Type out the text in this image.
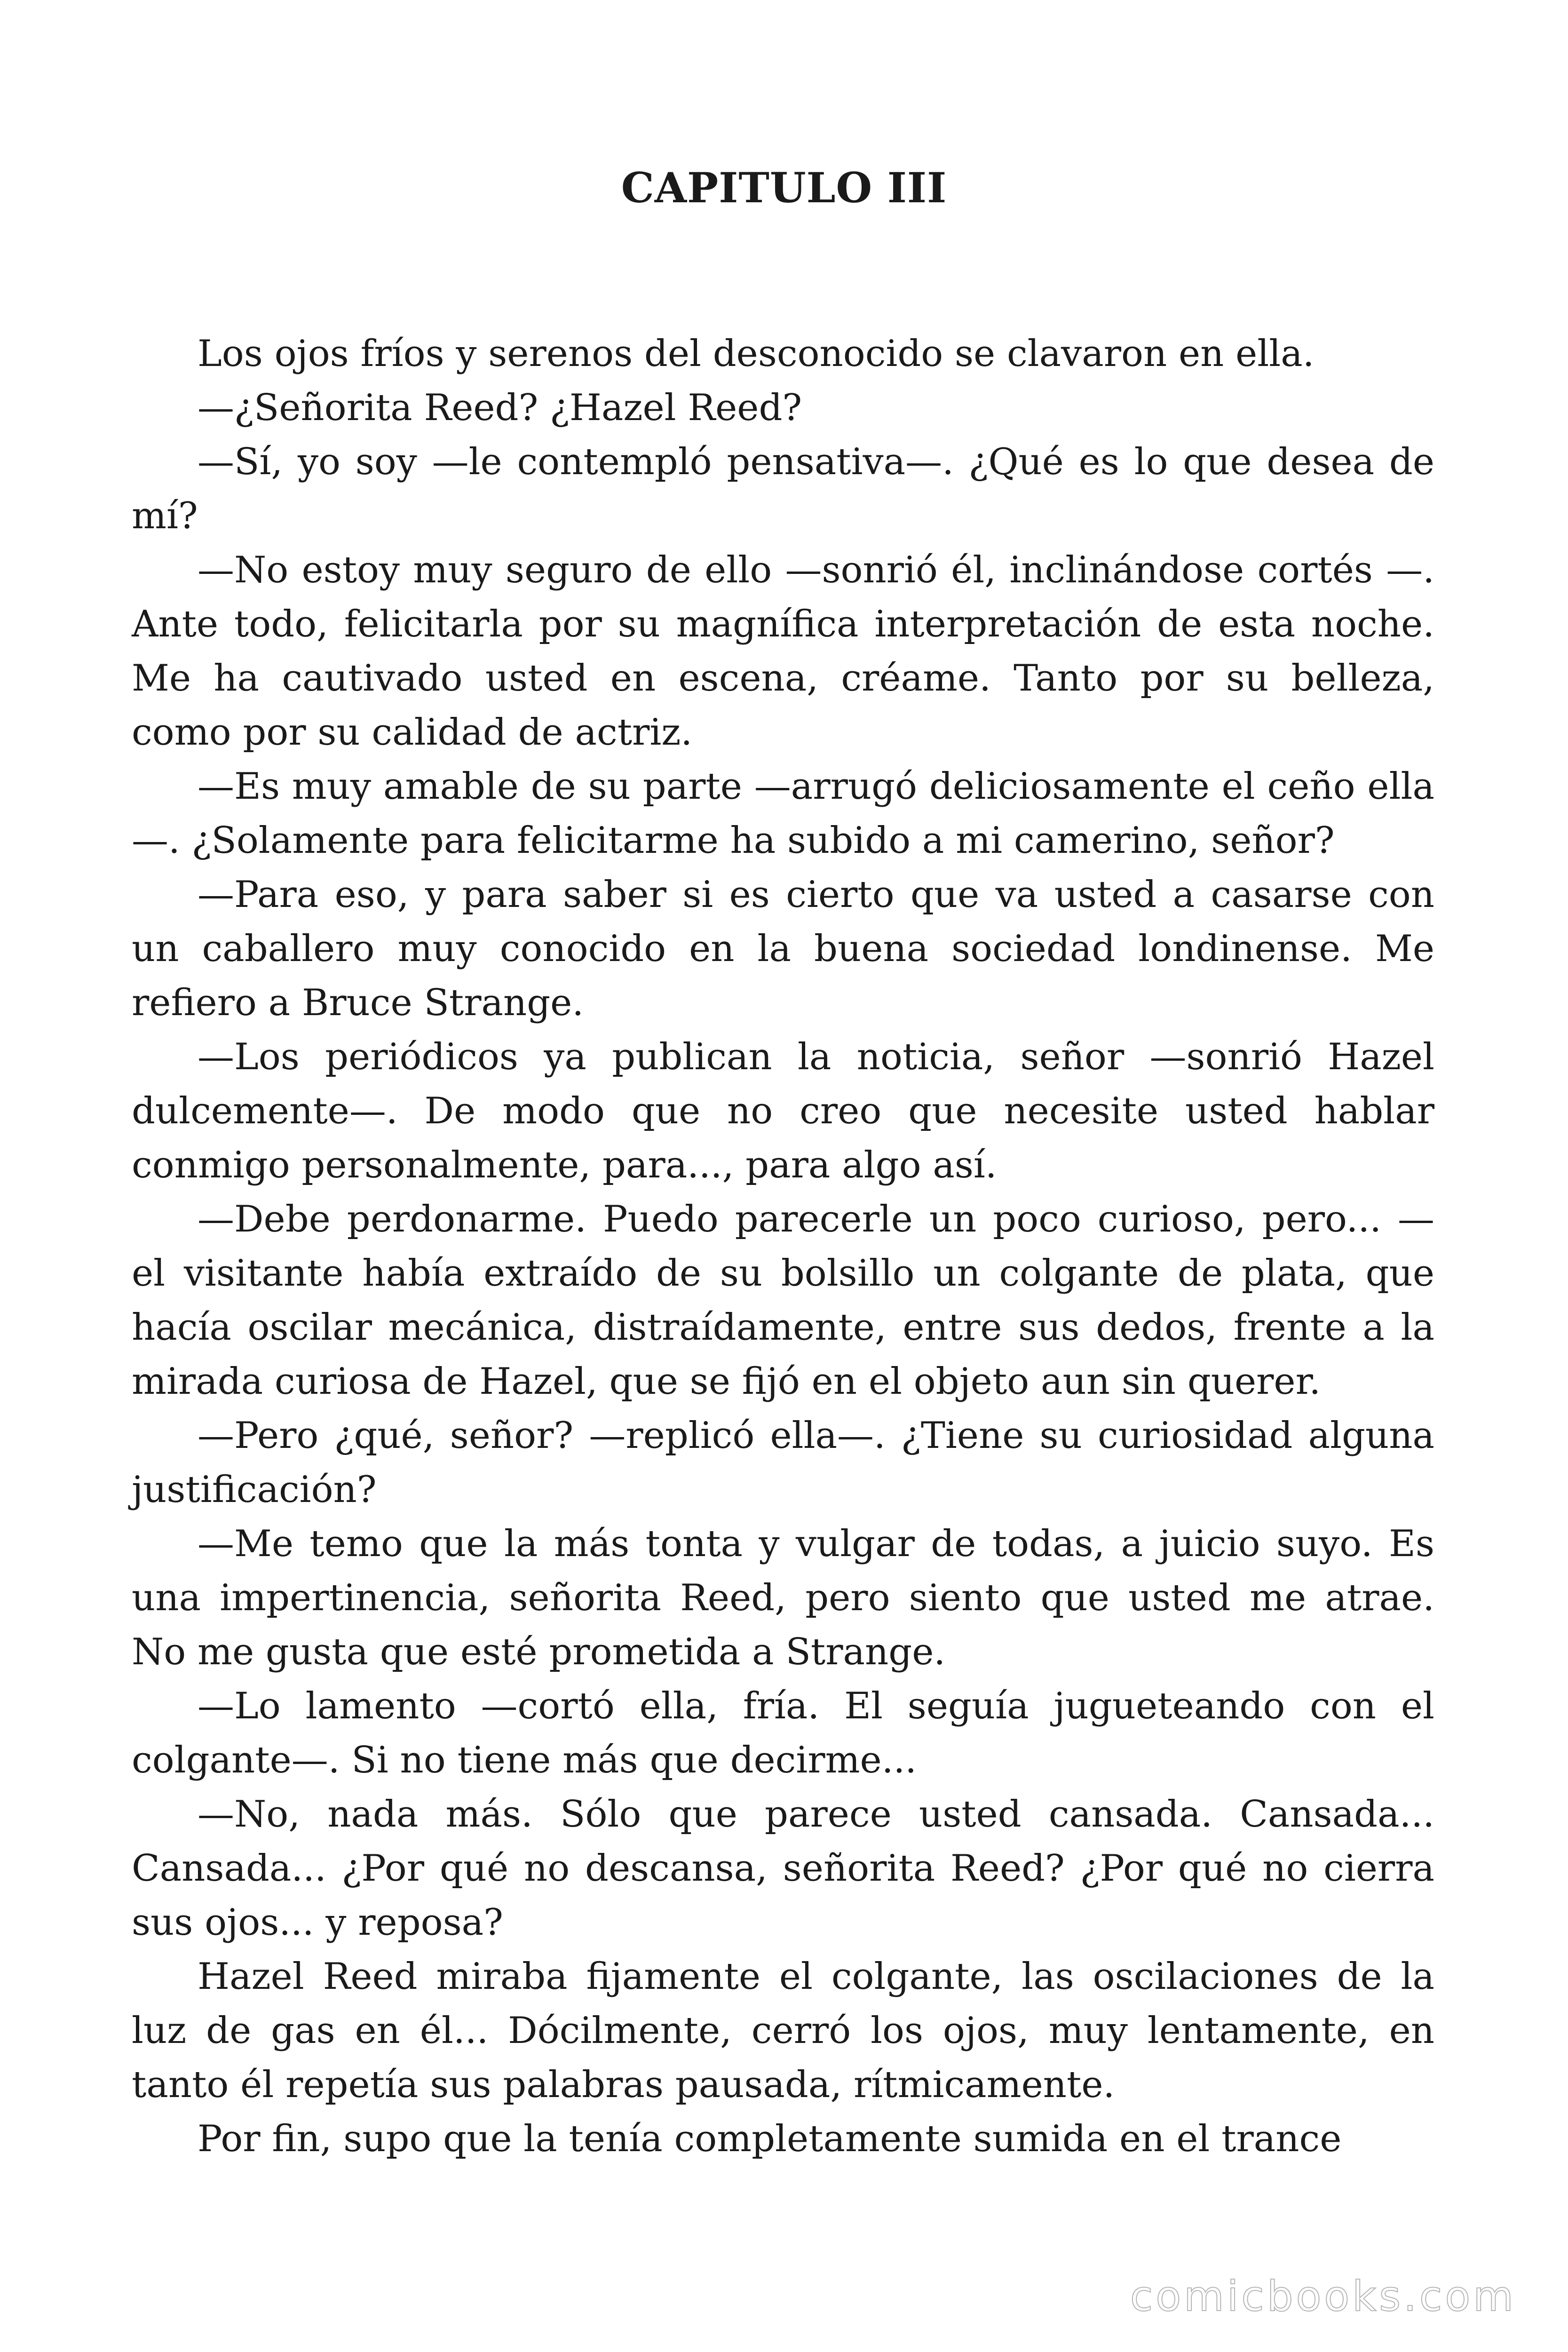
CAPITULO III

Los ojos fríos y serenos del desconocido se clavaron en ella.

—¿Señorita Reed? ¿Hazel Reed?

—Sí, yo soy —le contempló pensativa—. ¿Qué es lo que desea de mí?

—No estoy muy seguro de ello —sonrió él, inclinándose cortés —. Ante todo, felicitarla por su magnífica interpretación de esta noche. Me ha cautivado usted en escena, créame. Tanto por su belleza, como por su calidad de actriz.

—Es muy amable de su parte —arrugó deliciosamente el ceño ella—. ¿Solamente para felicitarme ha subido a mi camerino, señor?

—Para eso, y para saber si es cierto que va usted a casarse con un caballero muy conocido en la buena sociedad londinense. Me refiero a Bruce Strange.

—Los periódicos ya publican la noticia, señor —sonrió Hazel dulcemente—. De modo que no creo que necesite usted hablar conmigo personalmente, para..., para algo así.

—Debe perdonarme. Puedo parecerle un poco curioso, pero... — el visitante había extraído de su bolsillo un colgante de plata, que hacía oscilar mecánica, distraídamente, entre sus dedos, frente a la mirada curiosa de Hazel, que se fijó en el objeto aun sin querer.

—Pero ¿qué, señor? —replicó ella—. ¿Tiene su curiosidad alguna justificación?

—Me temo que la más tonta y vulgar de todas, a juicio suyo. Es una impertinencia, señorita Reed, pero siento que usted me atrae. No me gusta que esté prometida a Strange.

—Lo lamento —cortó ella, fría. El seguía jugueteando con el colgante—. Si no tiene más que decirme...

—No, nada más. Sólo que parece usted cansada. Cansada... Cansada... ¿Por qué no descansa, señorita Reed? ¿Por qué no cierra sus ojos... y reposa?

Hazel Reed miraba fijamente el colgante, las oscilaciones de la luz de gas en él... Dócilmente, cerró los ojos, muy lentamente, en tanto él repetía sus palabras pausada, rítmicamente.

Por fin, supo que la tenía completamente sumida en el trance

comicbooks.com
